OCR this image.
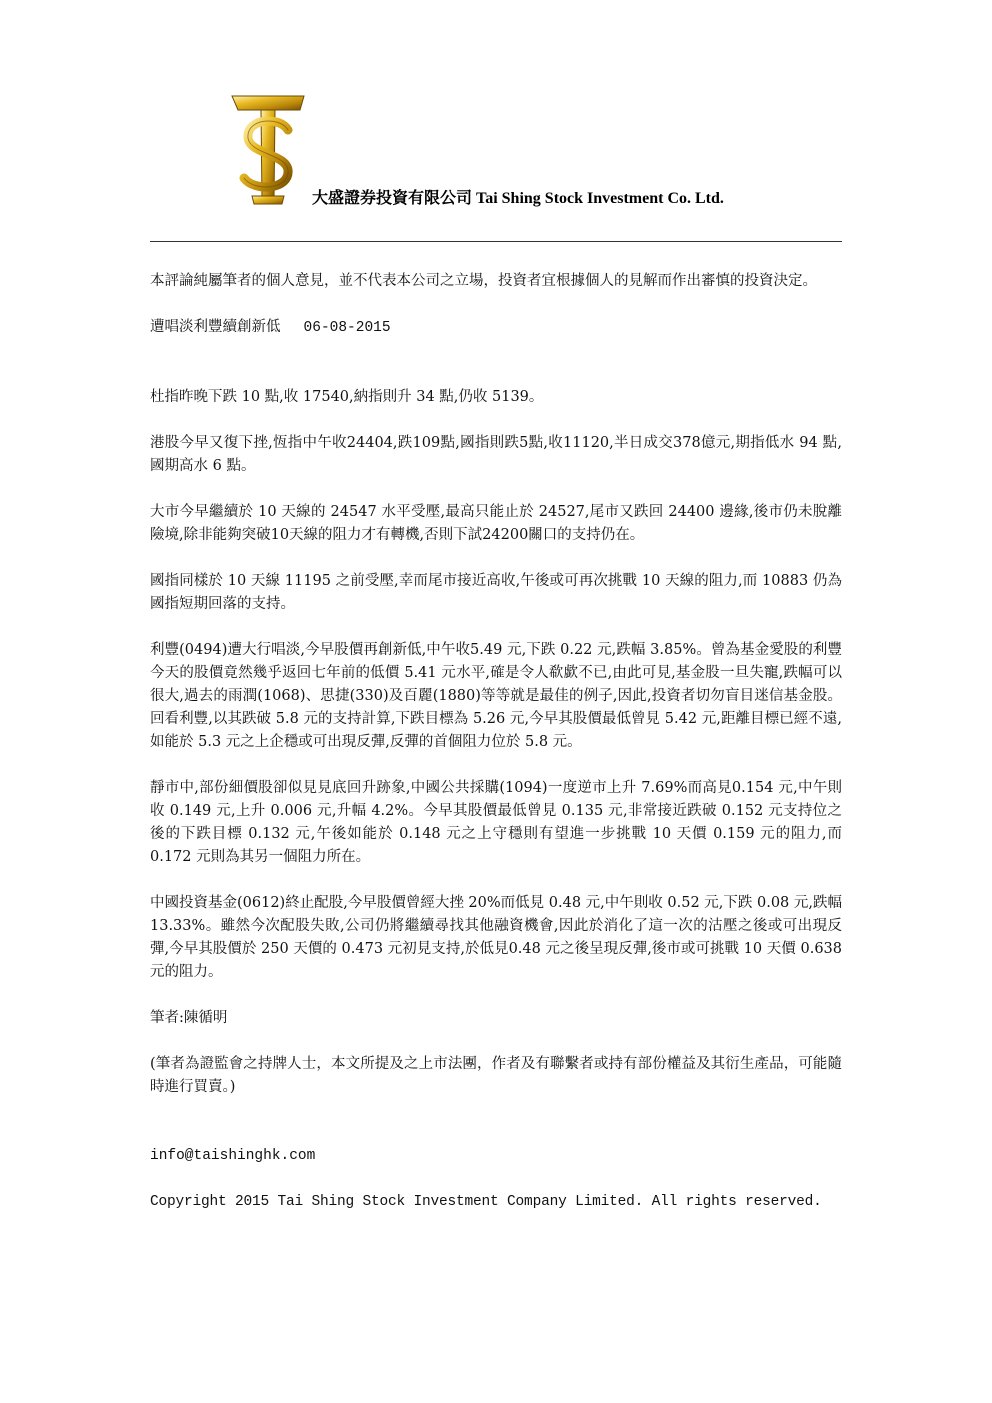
大盛證券投資有限公司 Tai Shing Stock Investment Co. Ltd.

本評論純屬筆者的個人意見，並不代表本公司之立場，投資者宜根據個人的見解而作出審慎的投資決定。

遭唱淡利豐續創新低 06-08-2015

杜指昨晚下跌 10 點,收 17540,納指則升 34 點,仍收 5139。

港股今早又復下挫,恆指中午收24404,跌109點,國指則跌5點,收11120,半日成交378億元,期指低水 94 點,國期高水 6 點。

大市今早繼續於 10 天線的 24547 水平受壓,最高只能止於 24527,尾市又跌回 24400 邊緣,後市仍未脫離險境,除非能夠突破10天線的阻力才有轉機,否則下試24200關口的支持仍在。

國指同樣於 10 天線 11195 之前受壓,幸而尾市接近高收,午後或可再次挑戰 10 天線的阻力,而 10883 仍為國指短期回落的支持。

利豐(0494)遭大行唱淡,今早股價再創新低,中午收5.49 元,下跌 0.22 元,跌幅 3.85%。曾為基金愛股的利豐今天的股價竟然幾乎返回七年前的低價 5.41 元水平,確是令人欷歔不已,由此可見,基金股一旦失寵,跌幅可以很大,過去的雨潤(1068)、思捷(330)及百麗(1880)等等就是最佳的例子,因此,投資者切勿盲目迷信基金股。回看利豐,以其跌破 5.8 元的支持計算,下跌目標為 5.26 元,今早其股價最低曾見 5.42 元,距離目標已經不遠,如能於 5.3 元之上企穩或可出現反彈,反彈的首個阻力位於 5.8 元。

靜市中,部份細價股卻似見見底回升跡象,中國公共採購(1094)一度逆市上升 7.69%而高見0.154 元,中午則收 0.149 元,上升 0.006 元,升幅 4.2%。今早其股價最低曾見 0.135 元,非常接近跌破 0.152 元支持位之後的下跌目標 0.132 元,午後如能於 0.148 元之上守穩則有望進一步挑戰 10 天價 0.159 元的阻力,而 0.172 元則為其另一個阻力所在。

中國投資基金(0612)終止配股,今早股價曾經大挫 20%而低見 0.48 元,中午則收 0.52 元,下跌 0.08 元,跌幅 13.33%。雖然今次配股失敗,公司仍將繼續尋找其他融資機會,因此於消化了這一次的沽壓之後或可出現反彈,今早其股價於 250 天價的 0.473 元初見支持,於低見0.48 元之後呈現反彈,後市或可挑戰 10 天價 0.638 元的阻力。

筆者:陳循明

(筆者為證監會之持牌人士，本文所提及之上市法團，作者及有聯繫者或持有部份權益及其衍生產品，可能隨時進行買賣。)

info@taishinghk.com

Copyright 2015 Tai Shing Stock Investment Company Limited. All rights reserved.
